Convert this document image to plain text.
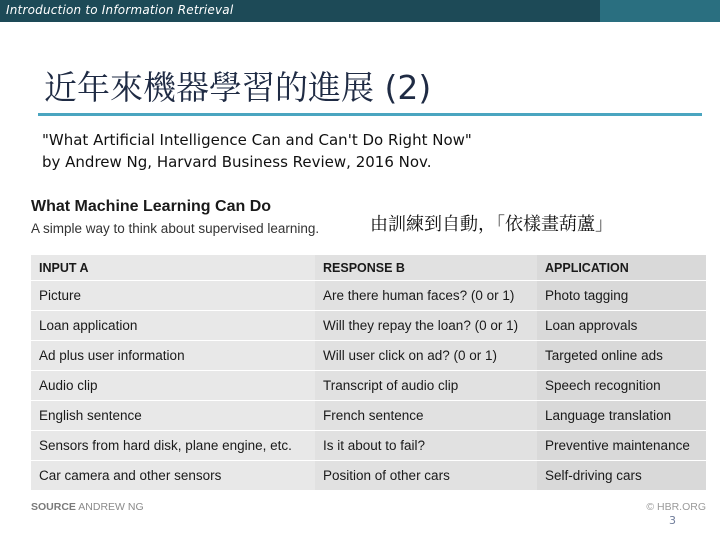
Introduction to Information Retrieval
近年來機器學習的進展 (2)
"What Artificial Intelligence Can and Can't Do Right Now"
by Andrew Ng, Harvard Business Review, 2016 Nov.
What Machine Learning Can Do
A simple way to think about supervised learning.	由訓練到自動，「依樣畫葫蘆」
INPUT A	RESPONSE B	APPLICATION
Picture	Are there human faces? (0 or 1)	Photo tagging
Loan application	Will they repay the loan? (0 or 1)	Loan approvals
Ad plus user information	Will user click on ad? (0 or 1)	Targeted online ads
Audio clip	Transcript of audio clip	Speech recognition
English sentence	French sentence	Language translation
Sensors from hard disk, plane engine, etc.	Is it about to fail?	Preventive maintenance
Car camera and other sensors	Position of other cars	Self-driving cars
SOURCE ANDREW NG	© HBR.ORG
3
